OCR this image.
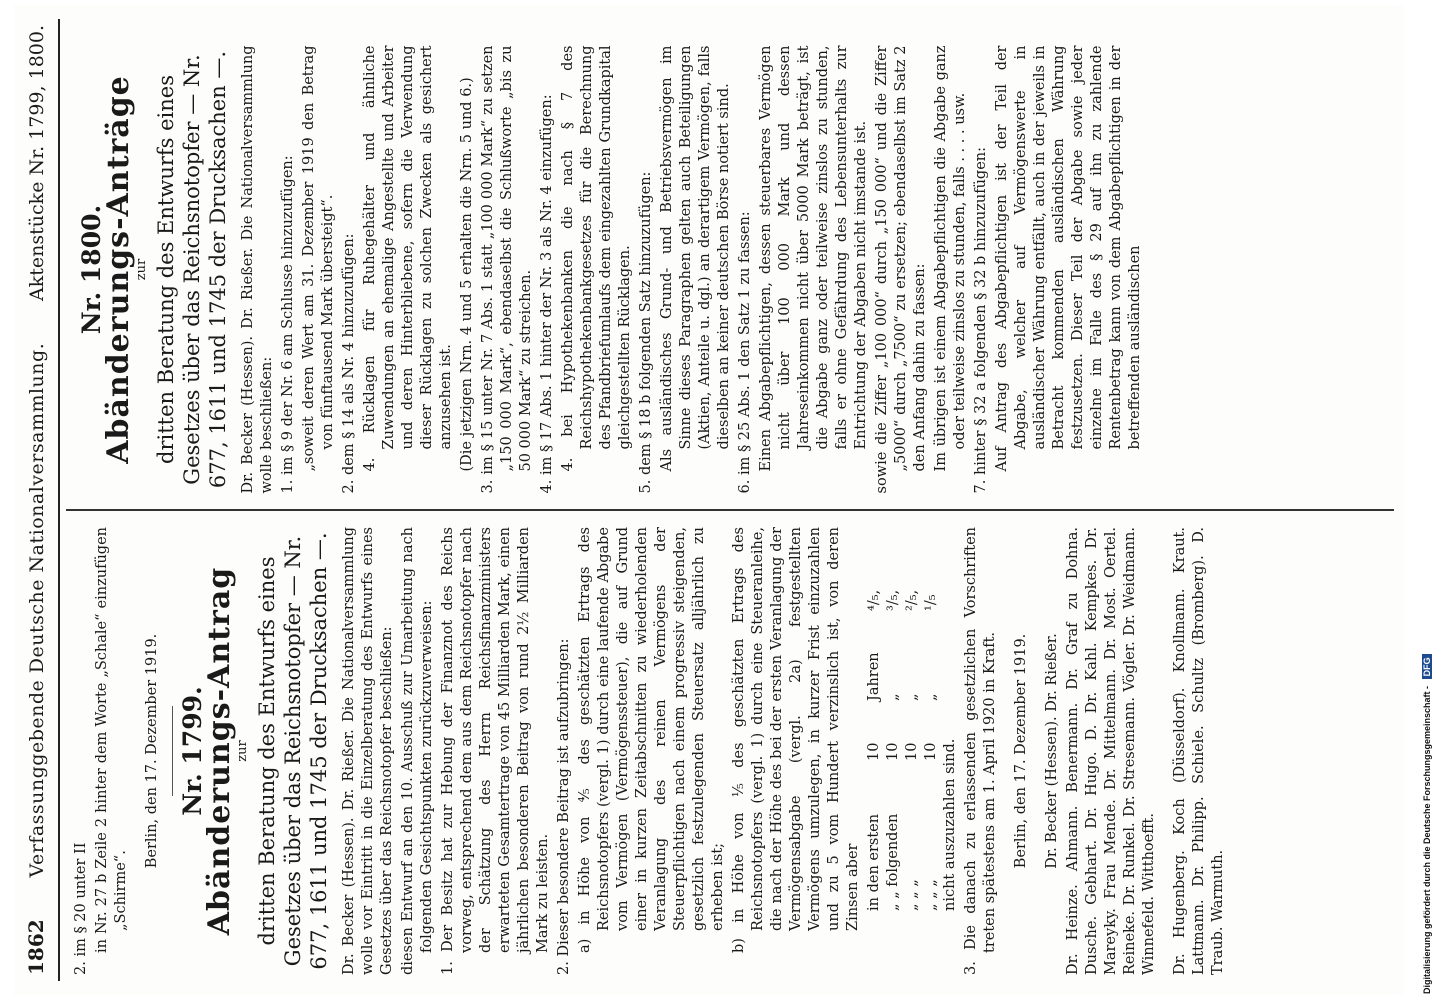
1862
Verfassunggebende Deutsche Nationalversammlung.
Aktenstücke Nr. 1799, 1800.

2. im § 20 unter II in Nr. 27 b Zeile 2 hinter dem Worte „Schale“ einzufügen „Schirme“.

Berlin, den 17. Dezember 1919. Nr. 1799.
Abänderungs-Antrag
zur dritten Beratung des Entwurfs eines Gesetzes über das Reichsnotopfer — Nr. 677, 1611 und 1745 der Drucksachen —. Dr. Becker (Hessen). Dr. Rießer. Die Nationalversammlung wolle vor Eintritt in die Einzelberatung des Entwurfs eines Gesetzes über das Reichsnotopfer beschließen: diesen Entwurf an den 10. Ausschuß zur Umarbeitung nach folgenden Gesichtspunkten zurückzuverweisen: 1. Der Besitz hat zur Hebung der Finanznot des Reichs vorweg, entsprechend dem aus dem Reichsnotopfer nach der Schätzung des Herrn Reichsfinanzministers erwarteten Gesamtertrage von 45 Milliarden Mark, einen jährlichen besonderen Beitrag von rund 2½ Milliarden Mark zu leisten. 2. Dieser besondere Beitrag ist aufzubringen: a) in Höhe von ⅘ des geschätzten Ertrags des Reichsnotopfers (vergl. 1) durch eine laufende Abgabe vom Vermögen (Vermögenssteuer), die auf Grund einer in kurzen Zeitabschnitten zu wiederholenden Veranlagung des reinen Vermögens der Steuerpflichtigen nach einem progressiv steigenden, gesetzlich festzulegenden Steuersatz alljährlich zu erheben ist; b) in Höhe von ⅕ des geschätzten Ertrags des Reichsnotopfers (vergl. 1) durch eine Steueranleihe, die nach der Höhe des bei der ersten Veranlagung der Vermögensabgabe (vergl. 2a) festgestellten Vermögens umzulegen, in kurzer Frist einzuzahlen und zu 5 vom Hundert verzinslich ist, von deren Zinsen aber in den ersten
10
Jahren
⁴/₅,
„ „ folgenden
10
„
³/₅,
„ „ „
10
„
²/₅,
„ „ „
10
„
¹/₅

nicht auszuzahlen sind. 3. Die danach zu erlassenden gesetzlichen Vorschriften treten spätestens am 1. April 1920 in Kraft. Berlin, den 17. Dezember 1919. Dr. Becker (Hessen). Dr. Rießer. Dr. Heinze. Ahmann. Benermann. Dr. Graf zu Dohna. Dusche. Gebhart. Dr. Hugo. D. Dr. Kahl. Kempkes. Dr. Mareyky. Frau Mende. Dr. Mittelmann. Dr. Most. Oertel. Reineke. Dr. Runkel. Dr. Stresemann. Vögler. Dr. Weidmann. Winnefeld. Witthoefft. Dr. Hugenberg. Koch (Düsseldorf). Knollmann. Kraut. Lattmann. Dr. Philipp. Schiele. Schultz (Bromberg). D. Traub. Warmuth.

Nr. 1800.
Abänderungs-Anträge
zur dritten Beratung des Entwurfs eines Gesetzes über das Reichsnotopfer — Nr. 677, 1611 und 1745 der Drucksachen —. Dr. Becker (Hessen). Dr. Rießer. Die Nationalversammlung wolle beschließen: 1. im § 9 der Nr. 6 am Schlusse hinzuzufügen: „soweit deren Wert am 31. Dezember 1919 den Betrag von fünftausend Mark übersteigt“. 2. dem § 14 als Nr. 4 hinzuzufügen: 4. Rücklagen für Ruhegehälter und ähnliche Zuwendungen an ehemalige Angestellte und Arbeiter und deren Hinterbliebene, sofern die Verwendung dieser Rücklagen zu solchen Zwecken als gesichert anzusehen ist. (Die jetzigen Nrn. 4 und 5 erhalten die Nrn. 5 und 6.) 3. im § 15 unter Nr. 7 Abs. 1 statt „100 000 Mark“ zu setzen „150 000 Mark“, ebendaselbst die Schlußworte „bis zu 50 000 Mark“ zu streichen. 4. im § 17 Abs. 1 hinter der Nr. 3 als Nr. 4 einzufügen: 4. bei Hypothekenbanken die nach § 7 des Reichshypothekenbankgesetzes für die Berechnung des Pfandbriefumlaufs dem eingezahlten Grundkapital gleichgestellten Rücklagen. 5. dem § 18 b folgenden Satz hinzuzufügen: Als ausländisches Grund- und Betriebsvermögen im Sinne dieses Paragraphen gelten auch Beteiligungen (Aktien, Anteile u. dgl.) an derartigem Vermögen, falls dieselben an keiner deutschen Börse notiert sind. 6. im § 25 Abs. 1 den Satz 1 zu fassen: Einen Abgabepflichtigen, dessen steuerbares Vermögen nicht über 100 000 Mark und dessen Jahreseinkommen nicht über 5000 Mark beträgt, ist die Abgabe ganz oder teilweise zinslos zu stunden, falls er ohne Gefährdung des Lebensunterhalts zur Entrichtung der Abgaben nicht imstande ist. sowie die Ziffer „100 000“ durch „150 000“ und die Ziffer „5000“ durch „7500“ zu ersetzen; ebendaselbst im Satz 2 den Anfang dahin zu fassen: Im übrigen ist einem Abgabepflichtigen die Abgabe ganz oder teilweise zinslos zu stunden, falls . . . . usw. 7. hinter § 32 a folgenden § 32 b hinzuzufügen: Auf Antrag des Abgabepflichtigen ist der Teil der Abgabe, welcher auf Vermögenswerte in ausländischer Währung entfällt, auch in der jeweils in Betracht kommenden ausländischen Währung festzusetzen. Dieser Teil der Abgabe sowie jeder einzelne im Falle des § 29 auf ihn zu zahlende Rentenbetrag kann von dem Abgabepflichtigen in der betreffenden ausländischen

Digitalisierung gefördert durch die Deutsche Forschungsgemeinschaft - DFG
